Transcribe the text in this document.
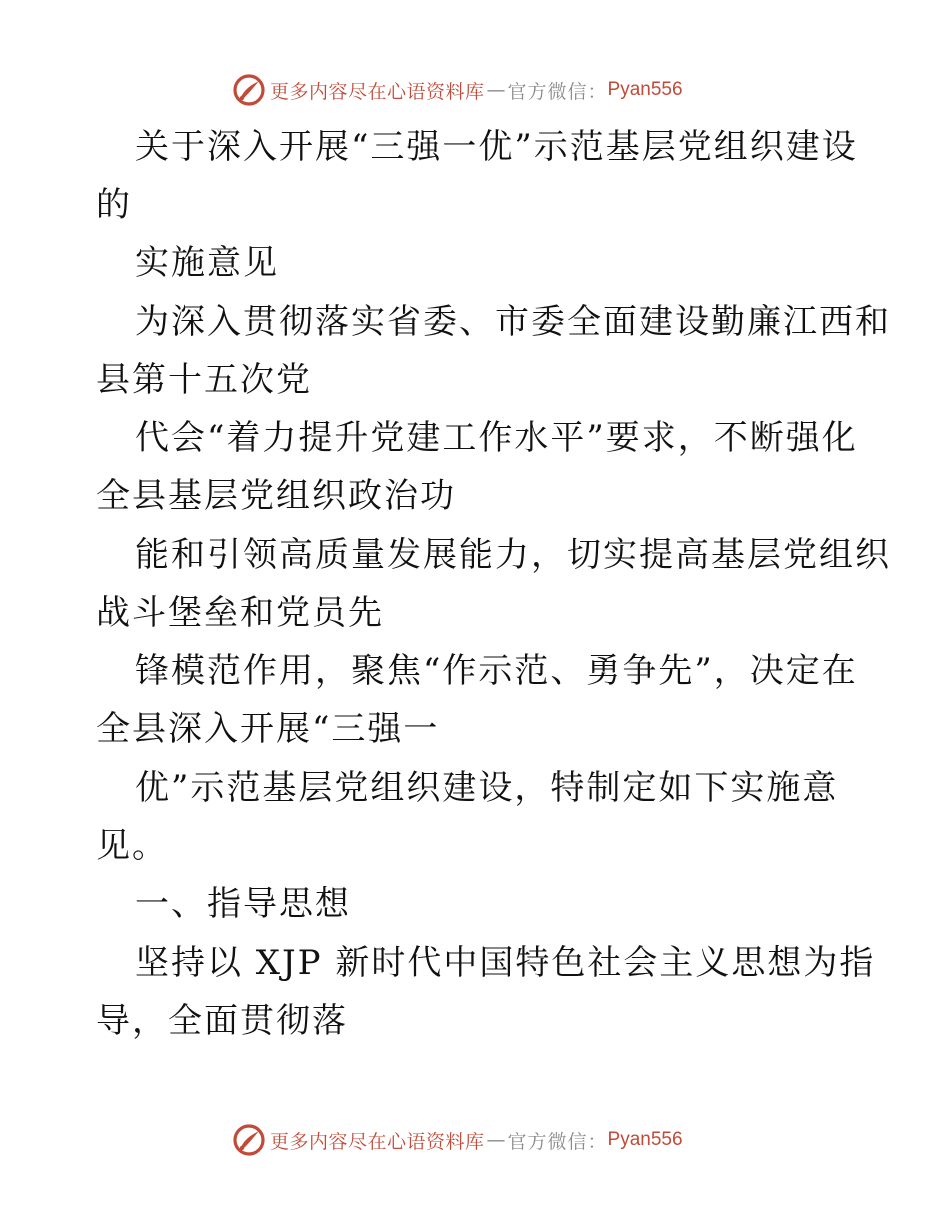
更多内容尽在心语资料库 — 官方微信： Pyan556
关于深入开展“三强一优”示范基层党组织建设
的
实施意见
为深入贯彻落实省委、市委全面建设勤廉江西和
县第十五次党
代会“着力提升党建工作水平”要求，不断强化
全县基层党组织政治功
能和引领高质量发展能力，切实提高基层党组织
战斗堡垒和党员先
锋模范作用，聚焦“作示范、勇争先”，决定在
全县深入开展“三强一
优”示范基层党组织建设，特制定如下实施意
见。
一、指导思想
坚持以 XJP 新时代中国特色社会主义思想为指
导，全面贯彻落
更多内容尽在心语资料库 — 官方微信： Pyan556
